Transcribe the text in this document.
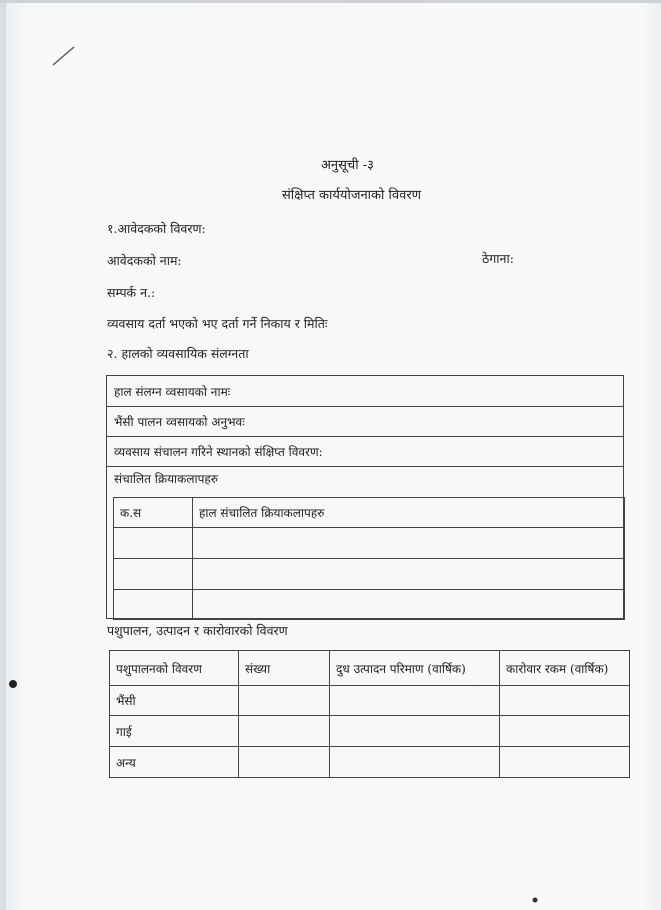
अनुसूची -३
संक्षिप्त कार्ययोजनाको विवरण
१.आवेदकको विवरण:
आवेदकको नाम:	ठेगाना:
सम्पर्क न.:
व्यवसाय दर्ता भएको भए दर्ता गर्ने निकाय र मितिः
२. हालको व्यवसायिक संलग्नता
हाल संलग्न व्वसायको नामः
भैंसी पालन व्वसायको अनुभवः
व्यवसाय संचालन गरिने स्थानको संक्षिप्त विवरण:
संचालित क्रियाकलापहरु
क.स	हाल संचालित क्रियाकलापहरु

पशुपालन, उत्पादन र कारोवारको विवरण
पशुपालनको विवरण	संख्या	दुध उत्पादन परिमाण (वार्षिक)	कारोवार रकम (वार्षिक)
भैंसी			
गाई			
अन्य			
